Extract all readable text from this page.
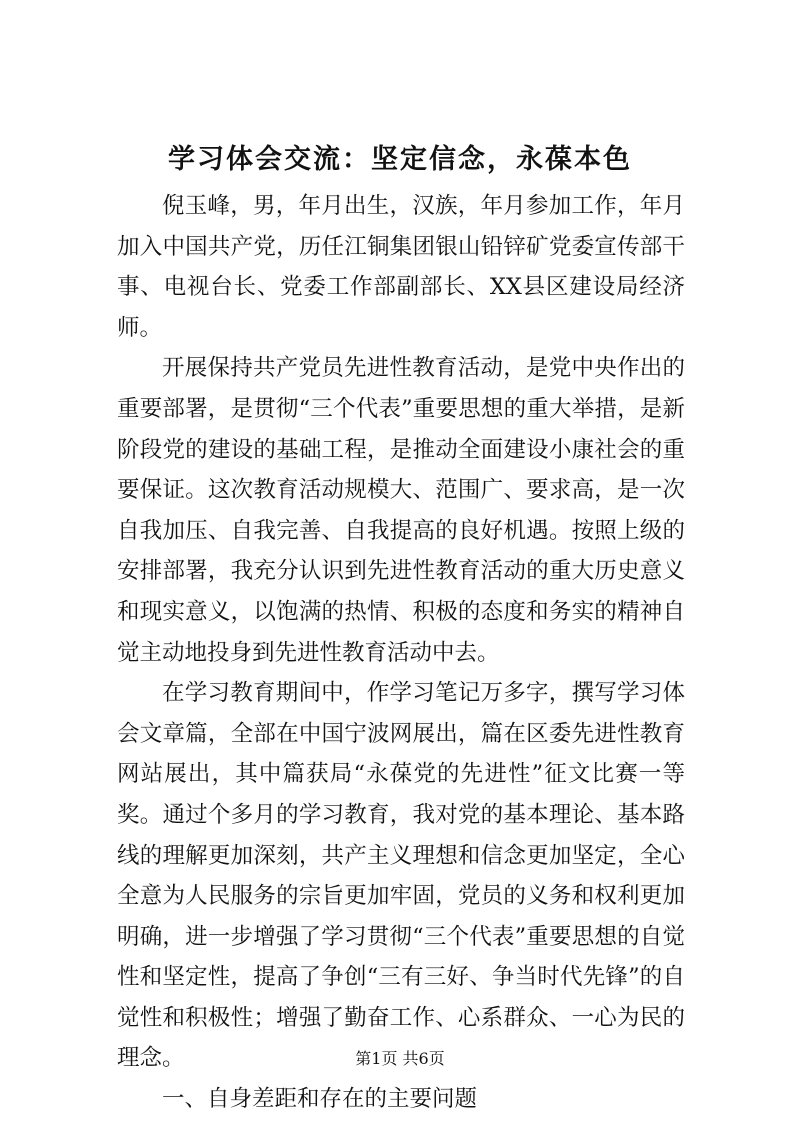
学习体会交流：坚定信念，永葆本色

倪玉峰，男，年月出生，汉族，年月参加工作，年月加入中国共产党，历任江铜集团银山铅锌矿党委宣传部干事、电视台长、党委工作部副部长、XX县区建设局经济师。

开展保持共产党员先进性教育活动，是党中央作出的重要部署，是贯彻“三个代表”重要思想的重大举措，是新阶段党的建设的基础工程，是推动全面建设小康社会的重要保证。这次教育活动规模大、范围广、要求高，是一次自我加压、自我完善、自我提高的良好机遇。按照上级的安排部署，我充分认识到先进性教育活动的重大历史意义和现实意义，以饱满的热情、积极的态度和务实的精神自觉主动地投身到先进性教育活动中去。

在学习教育期间中，作学习笔记万多字，撰写学习体会文章篇，全部在中国宁波网展出，篇在区委先进性教育网站展出，其中篇获局“永葆党的先进性”征文比赛一等奖。通过个多月的学习教育，我对党的基本理论、基本路线的理解更加深刻，共产主义理想和信念更加坚定，全心全意为人民服务的宗旨更加牢固，党员的义务和权利更加明确，进一步增强了学习贯彻“三个代表”重要思想的自觉性和坚定性，提高了争创“三有三好、争当时代先锋”的自觉性和积极性；增强了勤奋工作、心系群众、一心为民的理念。

一、自身差距和存在的主要问题

第1页 共6页
